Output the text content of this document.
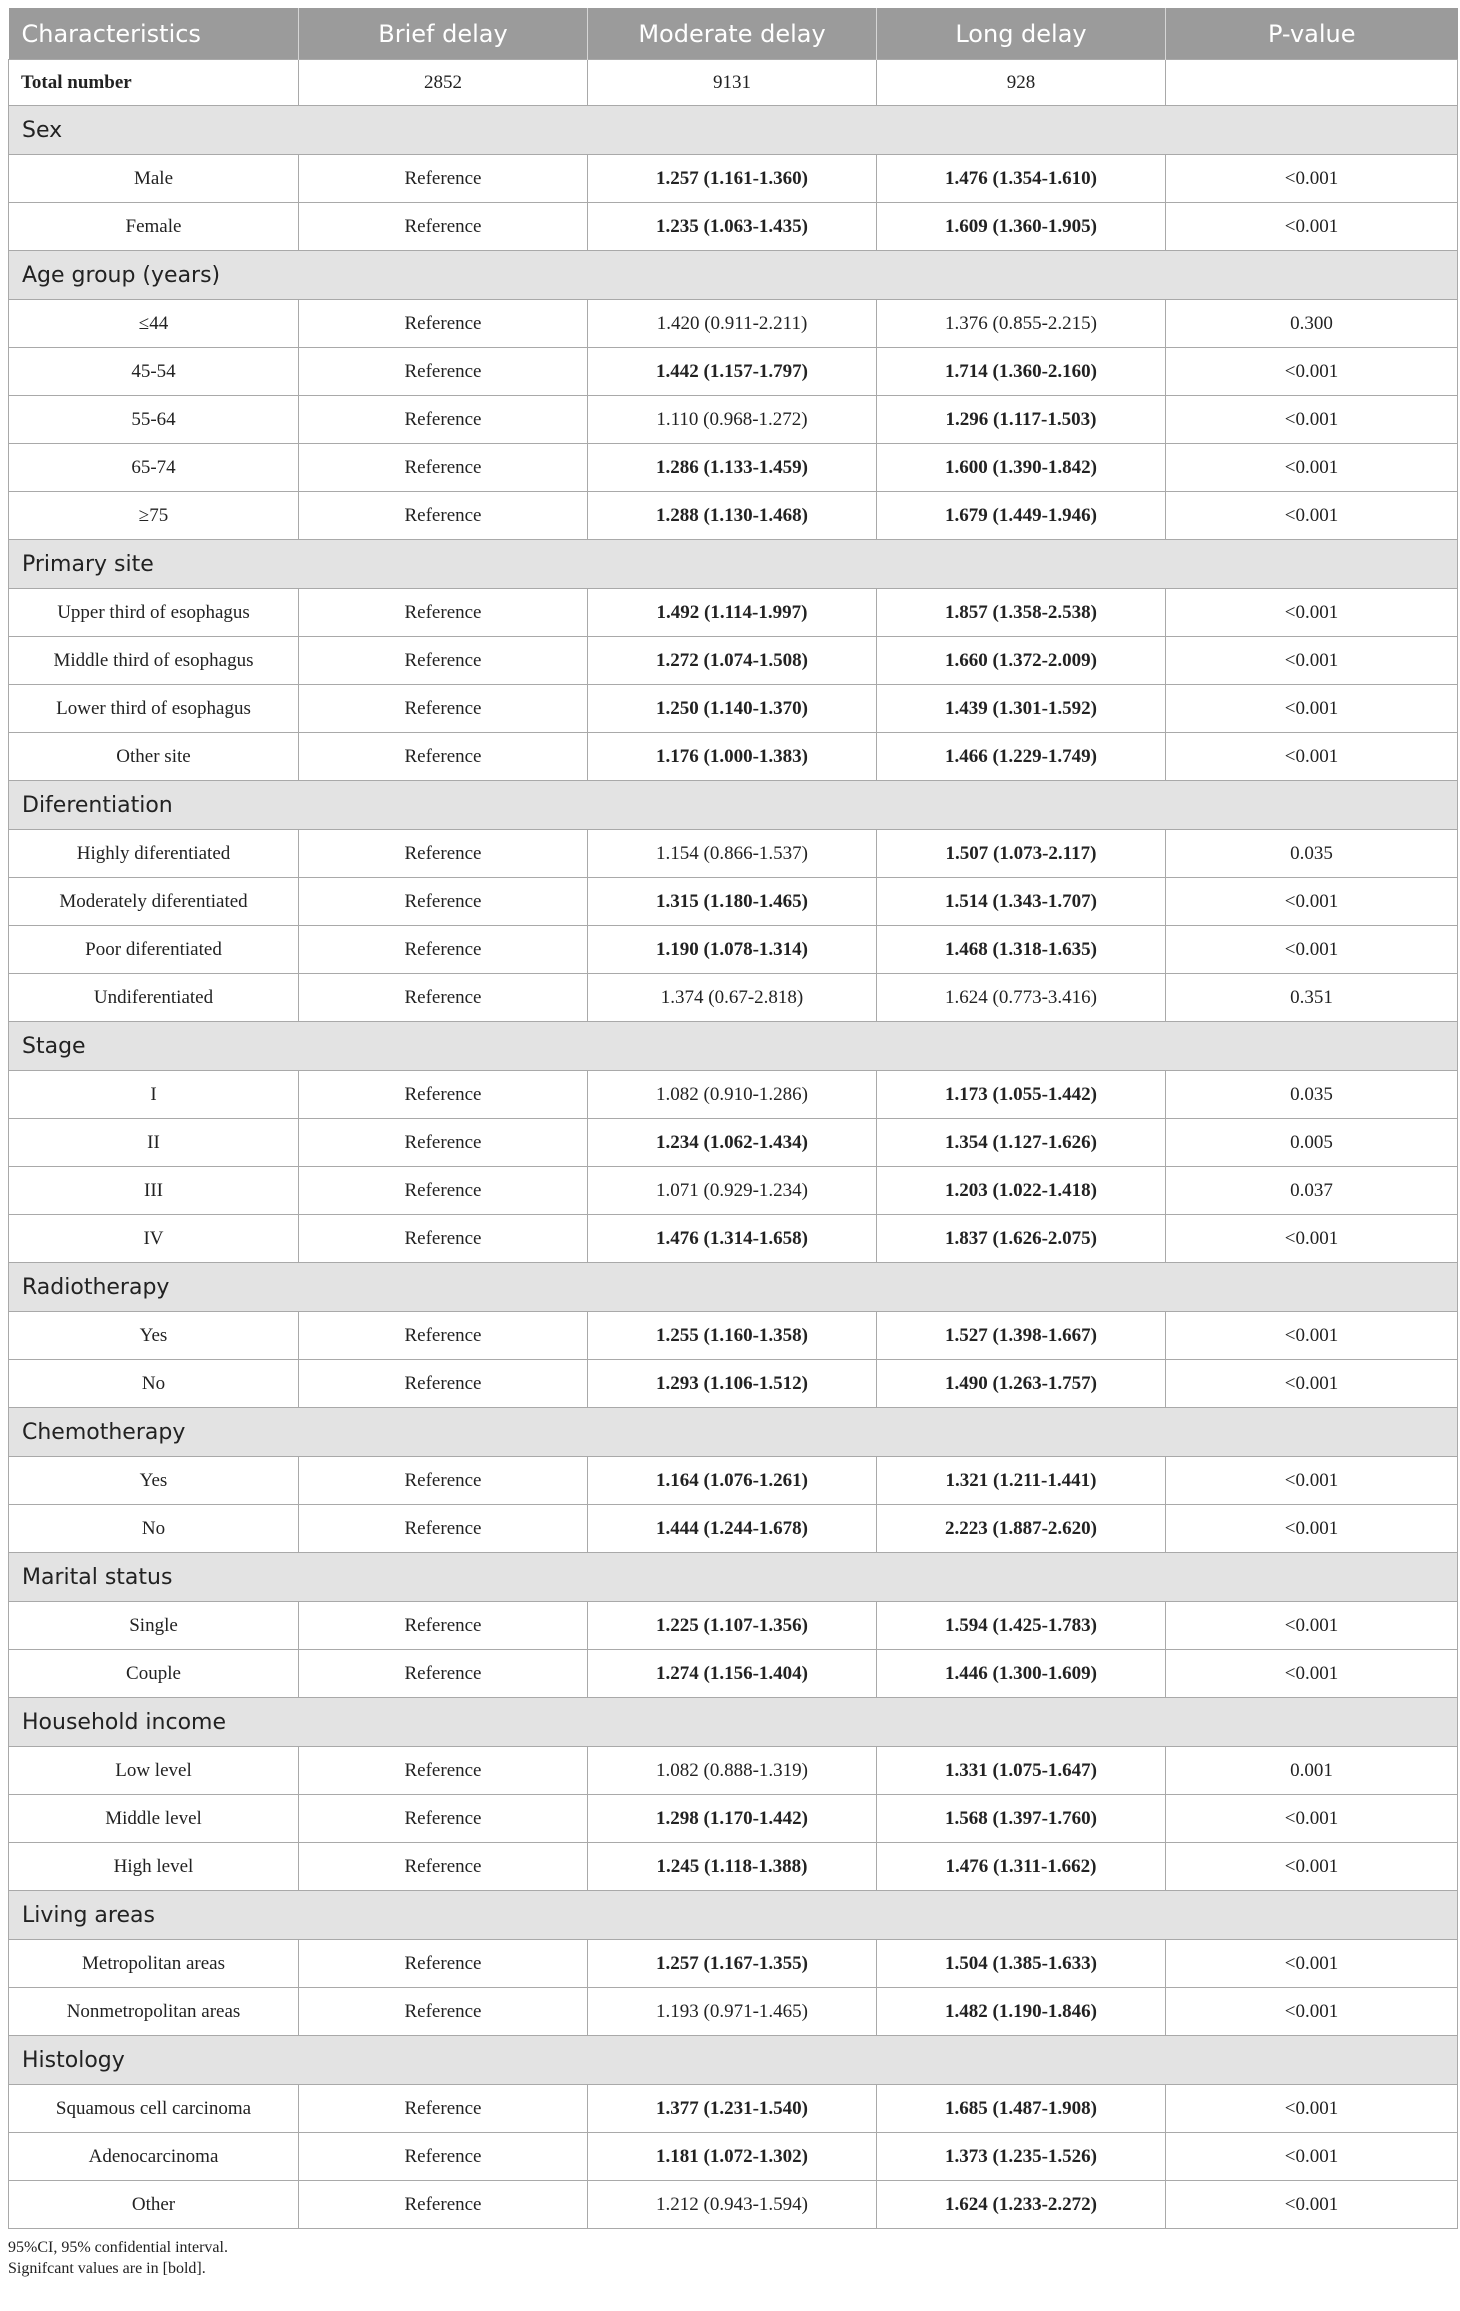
Characteristics	Brief delay	Moderate delay	Long delay	P-value
Total number	2852	9131	928	
Sex				
Male	Reference	1.257 (1.161-1.360)	1.476 (1.354-1.610)	<0.001
Female	Reference	1.235 (1.063-1.435)	1.609 (1.360-1.905)	<0.001
Age group (years)				
≤44	Reference	1.420 (0.911-2.211)	1.376 (0.855-2.215)	0.300
45-54	Reference	1.442 (1.157-1.797)	1.714 (1.360-2.160)	<0.001
55-64	Reference	1.110 (0.968-1.272)	1.296 (1.117-1.503)	<0.001
65-74	Reference	1.286 (1.133-1.459)	1.600 (1.390-1.842)	<0.001
≥75	Reference	1.288 (1.130-1.468)	1.679 (1.449-1.946)	<0.001
Primary site				
Upper third of esophagus	Reference	1.492 (1.114-1.997)	1.857 (1.358-2.538)	<0.001
Middle third of esophagus	Reference	1.272 (1.074-1.508)	1.660 (1.372-2.009)	<0.001
Lower third of esophagus	Reference	1.250 (1.140-1.370)	1.439 (1.301-1.592)	<0.001
Other site	Reference	1.176 (1.000-1.383)	1.466 (1.229-1.749)	<0.001
Diferentiation				
Highly diferentiated	Reference	1.154 (0.866-1.537)	1.507 (1.073-2.117)	0.035
Moderately diferentiated	Reference	1.315 (1.180-1.465)	1.514 (1.343-1.707)	<0.001
Poor diferentiated	Reference	1.190 (1.078-1.314)	1.468 (1.318-1.635)	<0.001
Undiferentiated	Reference	1.374 (0.67-2.818)	1.624 (0.773-3.416)	0.351
Stage				
I	Reference	1.082 (0.910-1.286)	1.173 (1.055-1.442)	0.035
II	Reference	1.234 (1.062-1.434)	1.354 (1.127-1.626)	0.005
III	Reference	1.071 (0.929-1.234)	1.203 (1.022-1.418)	0.037
IV	Reference	1.476 (1.314-1.658)	1.837 (1.626-2.075)	<0.001
Radiotherapy				
Yes	Reference	1.255 (1.160-1.358)	1.527 (1.398-1.667)	<0.001
No	Reference	1.293 (1.106-1.512)	1.490 (1.263-1.757)	<0.001
Chemotherapy				
Yes	Reference	1.164 (1.076-1.261)	1.321 (1.211-1.441)	<0.001
No	Reference	1.444 (1.244-1.678)	2.223 (1.887-2.620)	<0.001
Marital status				
Single	Reference	1.225 (1.107-1.356)	1.594 (1.425-1.783)	<0.001
Couple	Reference	1.274 (1.156-1.404)	1.446 (1.300-1.609)	<0.001
Household income				
Low level	Reference	1.082 (0.888-1.319)	1.331 (1.075-1.647)	0.001
Middle level	Reference	1.298 (1.170-1.442)	1.568 (1.397-1.760)	<0.001
High level	Reference	1.245 (1.118-1.388)	1.476 (1.311-1.662)	<0.001
Living areas				
Metropolitan areas	Reference	1.257 (1.167-1.355)	1.504 (1.385-1.633)	<0.001
Nonmetropolitan areas	Reference	1.193 (0.971-1.465)	1.482 (1.190-1.846)	<0.001
Histology				
Squamous cell carcinoma	Reference	1.377 (1.231-1.540)	1.685 (1.487-1.908)	<0.001
Adenocarcinoma	Reference	1.181 (1.072-1.302)	1.373 (1.235-1.526)	<0.001
Other	Reference	1.212 (0.943-1.594)	1.624 (1.233-2.272)	<0.001
95%CI, 95% confidential interval.
Signifcant values are in [bold].
